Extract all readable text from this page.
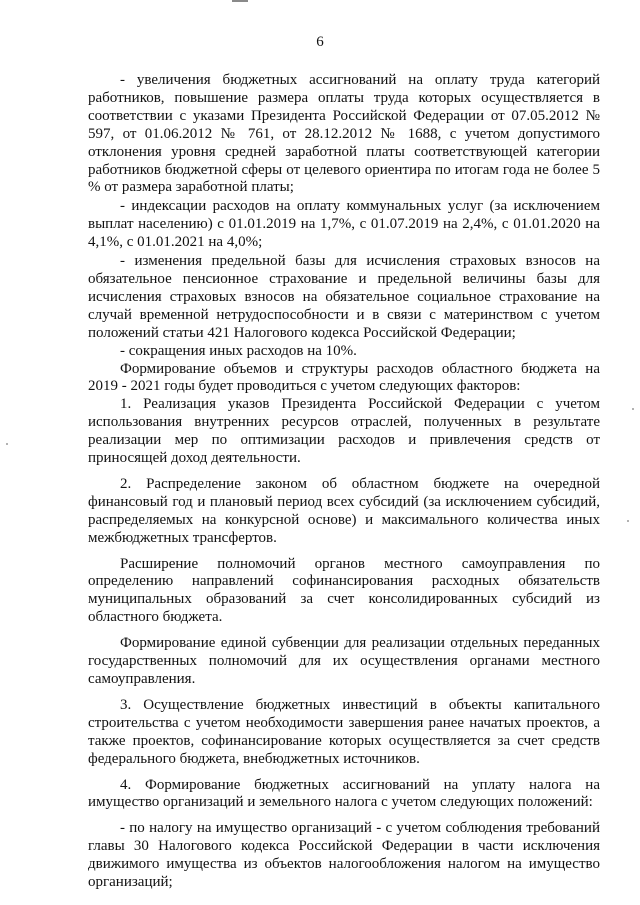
6

- увеличения бюджетных ассигнований на оплату труда категорий работников, повышение размера оплаты труда которых осуществляется в соответствии с указами Президента Российской Федерации от 07.05.2012 № 597, от 01.06.2012 № 761, от 28.12.2012 № 1688, с учетом допустимого отклонения уровня средней заработной платы соответствующей категории работников бюджетной сферы от целевого ориентира по итогам года не более 5 % от размера заработной платы;

- индексации расходов на оплату коммунальных услуг (за исключением выплат населению) с 01.01.2019 на 1,7%, с 01.07.2019 на 2,4%, с 01.01.2020 на 4,1%, с 01.01.2021 на 4,0%;

- изменения предельной базы для исчисления страховых взносов на обязательное пенсионное страхование и предельной величины базы для исчисления страховых взносов на обязательное социальное страхование на случай временной нетрудоспособности и в связи с материнством с учетом положений статьи 421 Налогового кодекса Российской Федерации;

- сокращения иных расходов на 10%.

Формирование объемов и структуры расходов областного бюджета на 2019 - 2021 годы будет проводиться с учетом следующих факторов:

1. Реализация указов Президента Российской Федерации с учетом использования внутренних ресурсов отраслей, полученных в результате реализации мер по оптимизации расходов и привлечения средств от приносящей доход деятельности.

2. Распределение законом об областном бюджете на очередной финансовый год и плановый период всех субсидий (за исключением субсидий, распределяемых на конкурсной основе) и максимального количества иных межбюджетных трансфертов.

Расширение полномочий органов местного самоуправления по определению направлений софинансирования расходных обязательств муниципальных образований за счет консолидированных субсидий из областного бюджета.

Формирование единой субвенции для реализации отдельных переданных государственных полномочий для их осуществления органами местного самоуправления.

3. Осуществление бюджетных инвестиций в объекты капитального строительства с учетом необходимости завершения ранее начатых проектов, а также проектов, софинансирование которых осуществляется за счет средств федерального бюджета, внебюджетных источников.

4. Формирование бюджетных ассигнований на уплату налога на имущество организаций и земельного налога с учетом следующих положений:

- по налогу на имущество организаций - с учетом соблюдения требований главы 30 Налогового кодекса Российской Федерации в части исключения движимого имущества из объектов налогообложения налогом на имущество организаций;
